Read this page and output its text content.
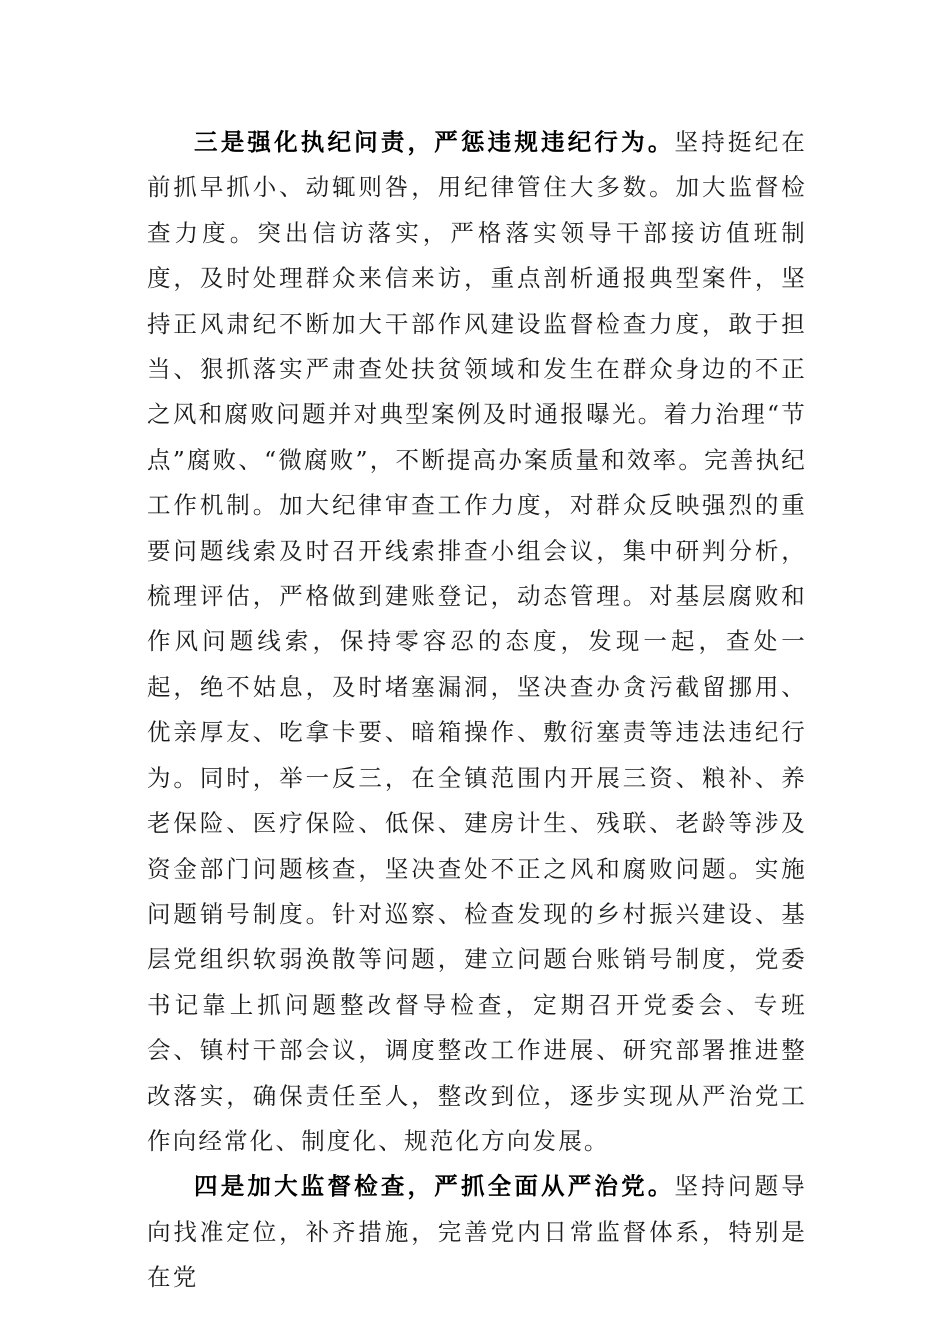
三是强化执纪问责，严惩违规违纪行为。坚持挺纪在前抓早抓小、动辄则咎，用纪律管住大多数。加大监督检查力度。突出信访落实，严格落实领导干部接访值班制度，及时处理群众来信来访，重点剖析通报典型案件，坚持正风肃纪不断加大干部作风建设监督检查力度，敢于担当、狠抓落实严肃查处扶贫领域和发生在群众身边的不正之风和腐败问题并对典型案例及时通报曝光。着力治理“节点”腐败、“微腐败”，不断提高办案质量和效率。完善执纪工作机制。加大纪律审查工作力度，对群众反映强烈的重要问题线索及时召开线索排查小组会议，集中研判分析，梳理评估，严格做到建账登记，动态管理。对基层腐败和作风问题线索，保持零容忍的态度，发现一起，查处一起，绝不姑息，及时堵塞漏洞，坚决查办贪污截留挪用、优亲厚友、吃拿卡要、暗箱操作、敷衍塞责等违法违纪行为。同时，举一反三，在全镇范围内开展三资、粮补、养老保险、医疗保险、低保、建房计生、残联、老龄等涉及资金部门问题核查，坚决查处不正之风和腐败问题。实施问题销号制度。针对巡察、检查发现的乡村振兴建设、基层党组织软弱涣散等问题，建立问题台账销号制度，党委书记靠上抓问题整改督导检查，定期召开党委会、专班会、镇村干部会议，调度整改工作进展、研究部署推进整改落实，确保责任至人，整改到位，逐步实现从严治党工作向经常化、制度化、规范化方向发展。

四是加大监督检查，严抓全面从严治党。坚持问题导向找准定位，补齐措施，完善党内日常监督体系，特别是在党
